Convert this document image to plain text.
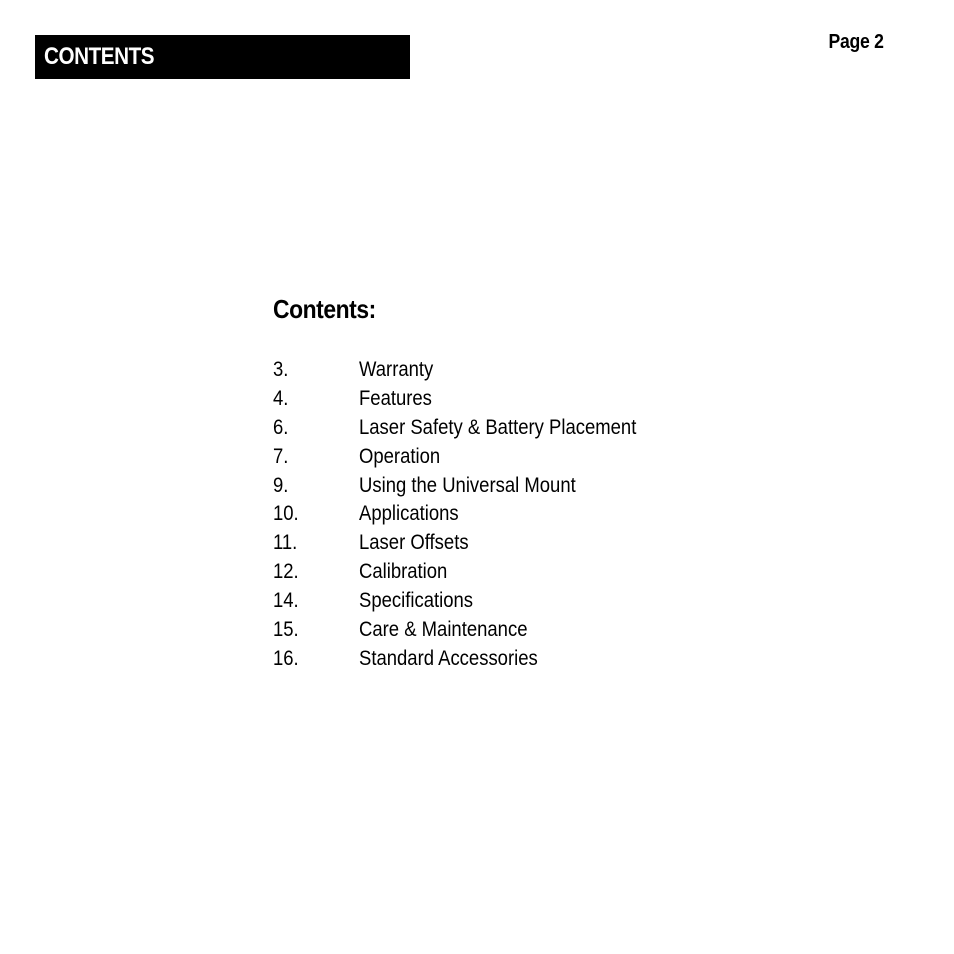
CONTENTS
Page 2
Contents:
3.	Warranty
4.	Features
6.	Laser Safety & Battery Placement
7.	Operation
9.	Using the Universal Mount
10.	Applications
11.	Laser Offsets
12.	Calibration
14.	Specifications
15.	Care & Maintenance
16.	Standard Accessories
